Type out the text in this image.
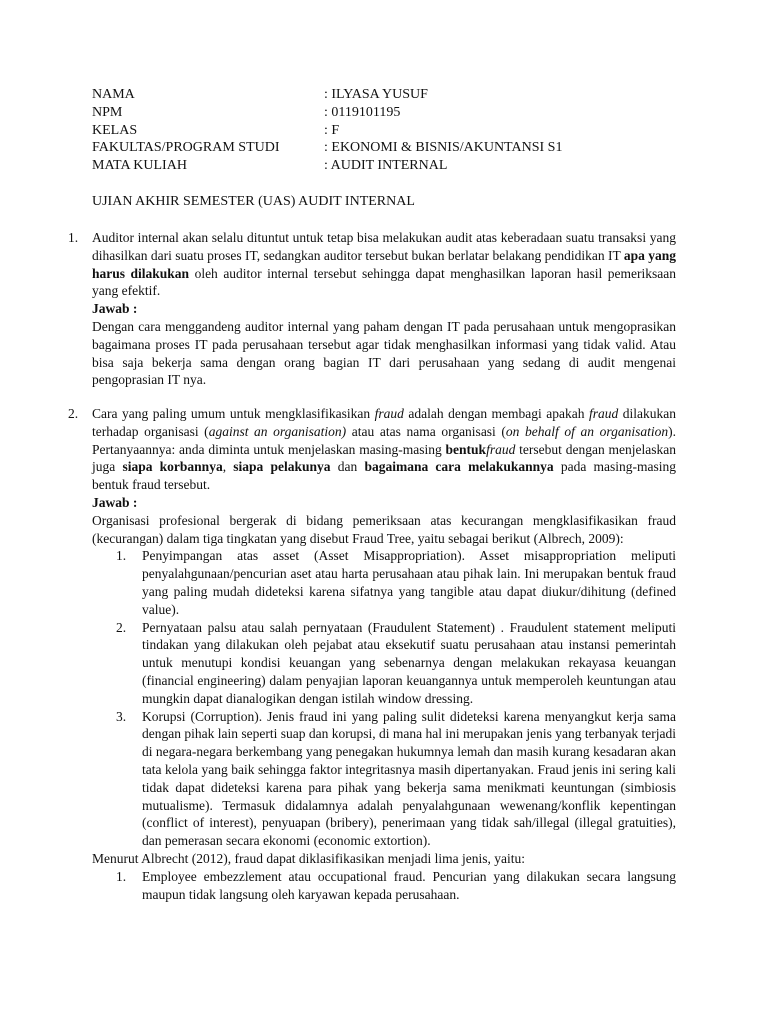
NAMA	: ILYASA YUSUF
NPM	: 0119101195
KELAS	: F
FAKULTAS/PROGRAM STUDI	: EKONOMI & BISNIS/AKUNTANSI S1
MATA KULIAH	: AUDIT INTERNAL
UJIAN AKHIR SEMESTER (UAS) AUDIT INTERNAL
1. Auditor internal akan selalu dituntut untuk tetap bisa melakukan audit atas keberadaan suatu transaksi yang dihasilkan dari suatu proses IT, sedangkan auditor tersebut bukan berlatar belakang pendidikan IT apa yang harus dilakukan oleh auditor internal tersebut sehingga dapat menghasilkan laporan hasil pemeriksaan yang efektif.

Jawab :

Dengan cara menggandeng auditor internal yang paham dengan IT pada perusahaan untuk mengoprasikan bagaimana proses IT pada perusahaan tersebut agar tidak menghasilkan informasi yang tidak valid. Atau bisa saja bekerja sama dengan orang bagian IT dari perusahaan yang sedang di audit mengenai pengoprasian IT nya.

2. Cara yang paling umum untuk mengklasifikasikan fraud adalah dengan membagi apakah fraud dilakukan terhadap organisasi (against an organisation) atau atas nama organisasi (on behalf of an organisation). Pertanyaannya: anda diminta untuk menjelaskan masing-masing bentukfraud tersebut dengan menjelaskan juga siapa korbannya, siapa pelakunya dan bagaimana cara melakukannya pada masing-masing bentuk fraud tersebut.

Jawab :

Organisasi profesional bergerak di bidang pemeriksaan atas kecurangan mengklasifikasikan fraud (kecurangan) dalam tiga tingkatan yang disebut Fraud Tree, yaitu sebagai berikut (Albrech, 2009):

1. Penyimpangan atas asset (Asset Misappropriation). Asset misappropriation meliputi penyalahgunaan/pencurian aset atau harta perusahaan atau pihak lain. Ini merupakan bentuk fraud yang paling mudah dideteksi karena sifatnya yang tangible atau dapat diukur/dihitung (defined value).
2. Pernyataan palsu atau salah pernyataan (Fraudulent Statement) . Fraudulent statement meliputi tindakan yang dilakukan oleh pejabat atau eksekutif suatu perusahaan atau instansi pemerintah untuk menutupi kondisi keuangan yang sebenarnya dengan melakukan rekayasa keuangan (financial engineering) dalam penyajian laporan keuangannya untuk memperoleh keuntungan atau mungkin dapat dianalogikan dengan istilah window dressing.
3. Korupsi (Corruption). Jenis fraud ini yang paling sulit dideteksi karena menyangkut kerja sama dengan pihak lain seperti suap dan korupsi, di mana hal ini merupakan jenis yang terbanyak terjadi di negara-negara berkembang yang penegakan hukumnya lemah dan masih kurang kesadaran akan tata kelola yang baik sehingga faktor integritasnya masih dipertanyakan. Fraud jenis ini sering kali tidak dapat dideteksi karena para pihak yang bekerja sama menikmati keuntungan (simbiosis mutualisme). Termasuk didalamnya adalah penyalahgunaan wewenang/konflik kepentingan (conflict of interest), penyuapan (bribery), penerimaan yang tidak sah/illegal (illegal gratuities), dan pemerasan secara ekonomi (economic extortion).

Menurut Albrecht (2012), fraud dapat diklasifikasikan menjadi lima jenis, yaitu:

1. Employee embezzlement atau occupational fraud. Pencurian yang dilakukan secara langsung maupun tidak langsung oleh karyawan kepada perusahaan.
